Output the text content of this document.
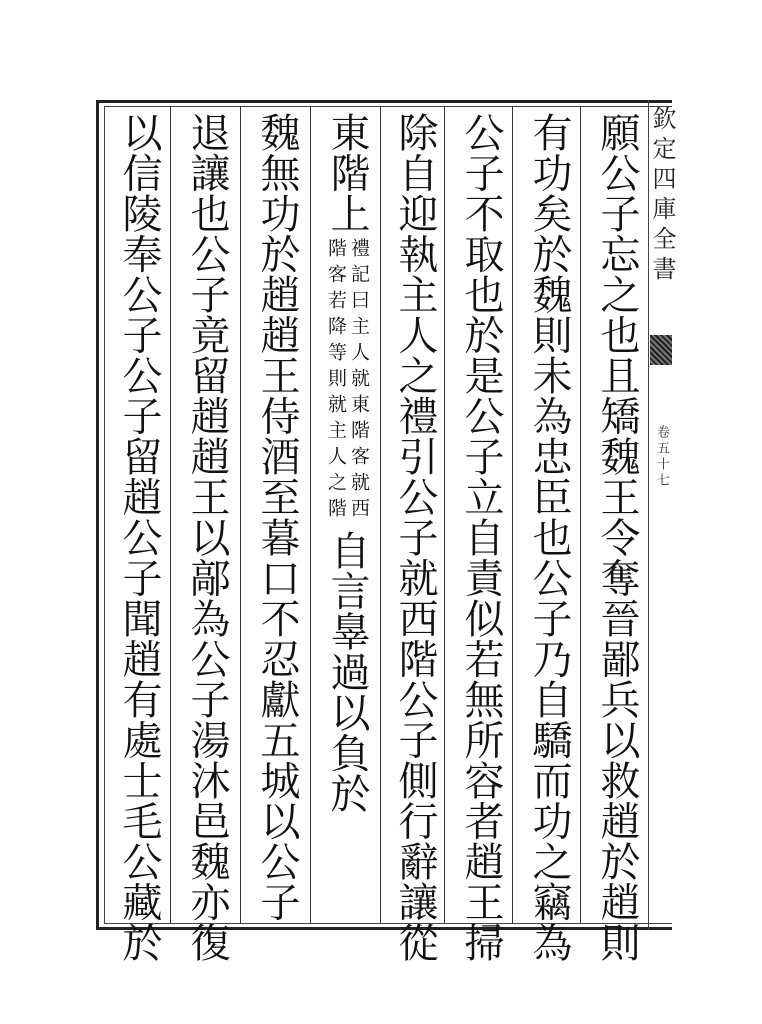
欽定四庫全書
卷五十七
願公子忘之也且矯魏王令奪晉鄙兵以救趙於趙則
有功矣於魏則未為忠臣也公子乃自驕而功之竊為
公子不取也於是公子立自責似若無所容者趙王掃
除自迎執主人之禮引公子就西階公子側行辭讓從
東階上
禮記曰主人就東階客就西
階客若降等則就主人之階
自言辠過以負於
魏無功於趙趙王侍酒至暮口不忍獻五城以公子
退讓也公子竟留趙趙王以鄗為公子湯沐邑魏亦復
以信陵奉公子公子留趙公子聞趙有處士毛公藏於
